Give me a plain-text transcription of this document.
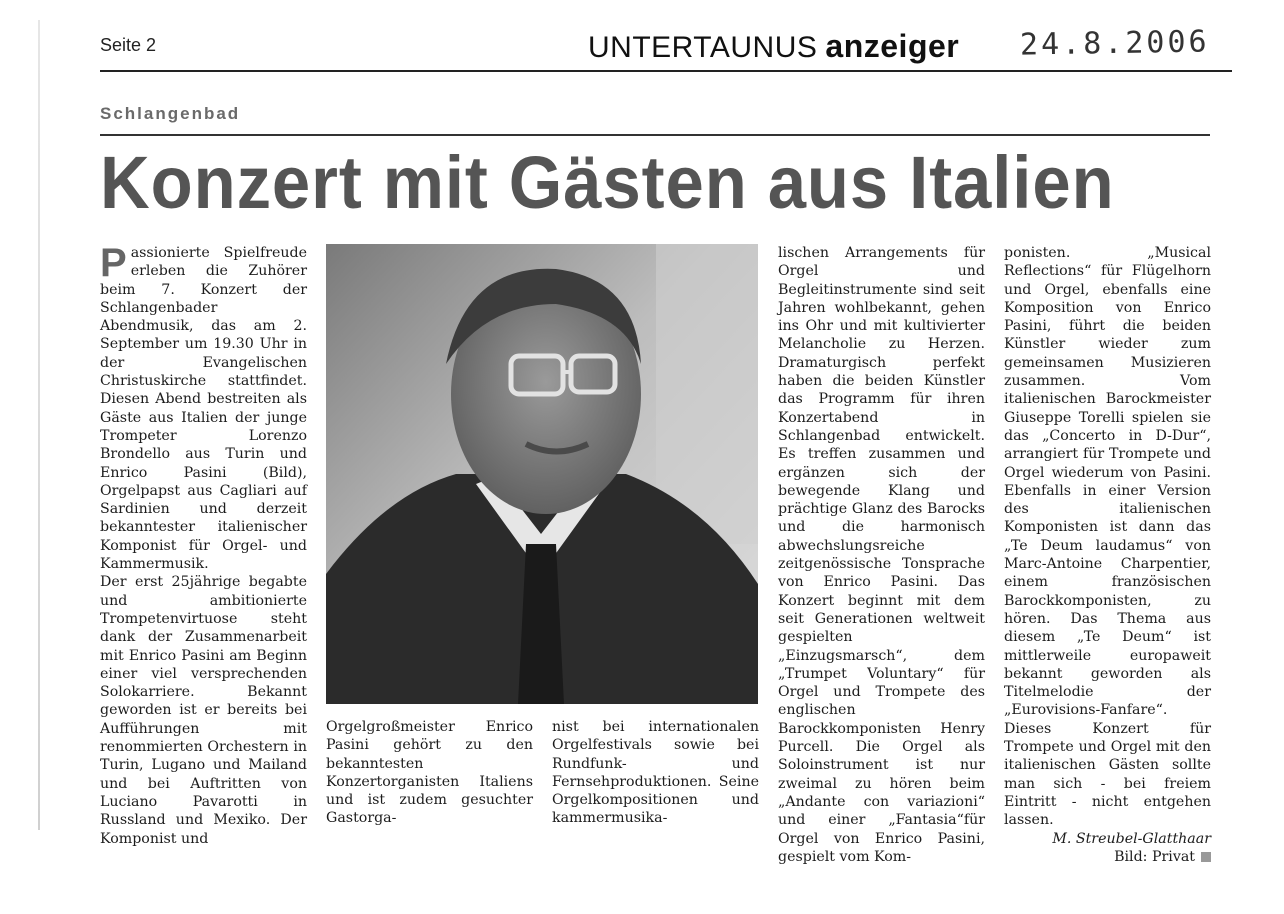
Seite 2	UNTERTAUNUS anzeiger 24.8.2006
Schlangenbad
Konzert mit Gästen aus Italien

Passionierte Spielfreude erleben die Zuhörer beim 7. Konzert der Schlangenbader Abendmusik, das am 2. September um 19.30 Uhr in der Evangelischen Christuskirche stattfindet. Diesen Abend bestreiten als Gäste aus Italien der junge Trompeter Lorenzo Brondello aus Turin und Enrico Pasini (Bild), Orgelpapst aus Cagliari auf Sardinien und derzeit bekanntester italienischer Komponist für Orgel- und Kammermusik.

Der erst 25jährige begabte und ambitionierte Trompetenvirtuose steht dank der Zusammenarbeit mit Enrico Pasini am Beginn einer viel versprechenden Solokarriere. Bekannt geworden ist er bereits bei Aufführungen mit renommierten Orchestern in Turin, Lugano und Mailand und bei Auftritten von Luciano Pavarotti in Russland und Mexiko. Der Komponist und

Orgelgroßmeister Enrico Pasini gehört zu den bekanntesten Konzertorganisten Italiens und ist zudem gesuchter Gastorga-

nist bei internationalen Orgelfestivals sowie bei Rundfunk- und Fernsehproduktionen. Seine Orgelkompositionen und kammermusika-

lischen Arrangements für Orgel und Begleitinstrumente sind seit Jahren wohlbekannt, gehen ins Ohr und mit kultivierter Melancholie zu Herzen. Dramaturgisch perfekt haben die beiden Künstler das Programm für ihren Konzertabend in Schlangenbad entwickelt. Es treffen zusammen und ergänzen sich der bewegende Klang und prächtige Glanz des Barocks und die harmonisch abwechslungsreiche zeitgenössische Tonsprache von Enrico Pasini. Das Konzert beginnt mit dem seit Generationen weltweit gespielten „Einzugsmarsch“, dem „Trumpet Voluntary“ für Orgel und Trompete des englischen Barockkomponisten Henry Purcell. Die Orgel als Soloinstrument ist nur zweimal zu hören beim „Andante con variazioni“ und einer „Fantasia“für Orgel von Enrico Pasini, gespielt vom Kom-

ponisten. „Musical Reflections“ für Flügelhorn und Orgel, ebenfalls eine Komposition von Enrico Pasini, führt die beiden Künstler wieder zum gemeinsamen Musizieren zusammen. Vom italienischen Barockmeister Giuseppe Torelli spielen sie das „Concerto in D-Dur“, arrangiert für Trompete und Orgel wiederum von Pasini. Ebenfalls in einer Version des italienischen Komponisten ist dann das „Te Deum laudamus“ von Marc-Antoine Charpentier, einem französischen Barockkomponisten, zu hören. Das Thema aus diesem „Te Deum“ ist mittlerweile europaweit bekannt geworden als Titelmelodie der „Eurovisions-Fanfare“. Dieses Konzert für Trompete und Orgel mit den italienischen Gästen sollte man sich - bei freiem Eintritt - nicht entgehen lassen.

M. Streubel-Glatthaar

Bild: Privat
